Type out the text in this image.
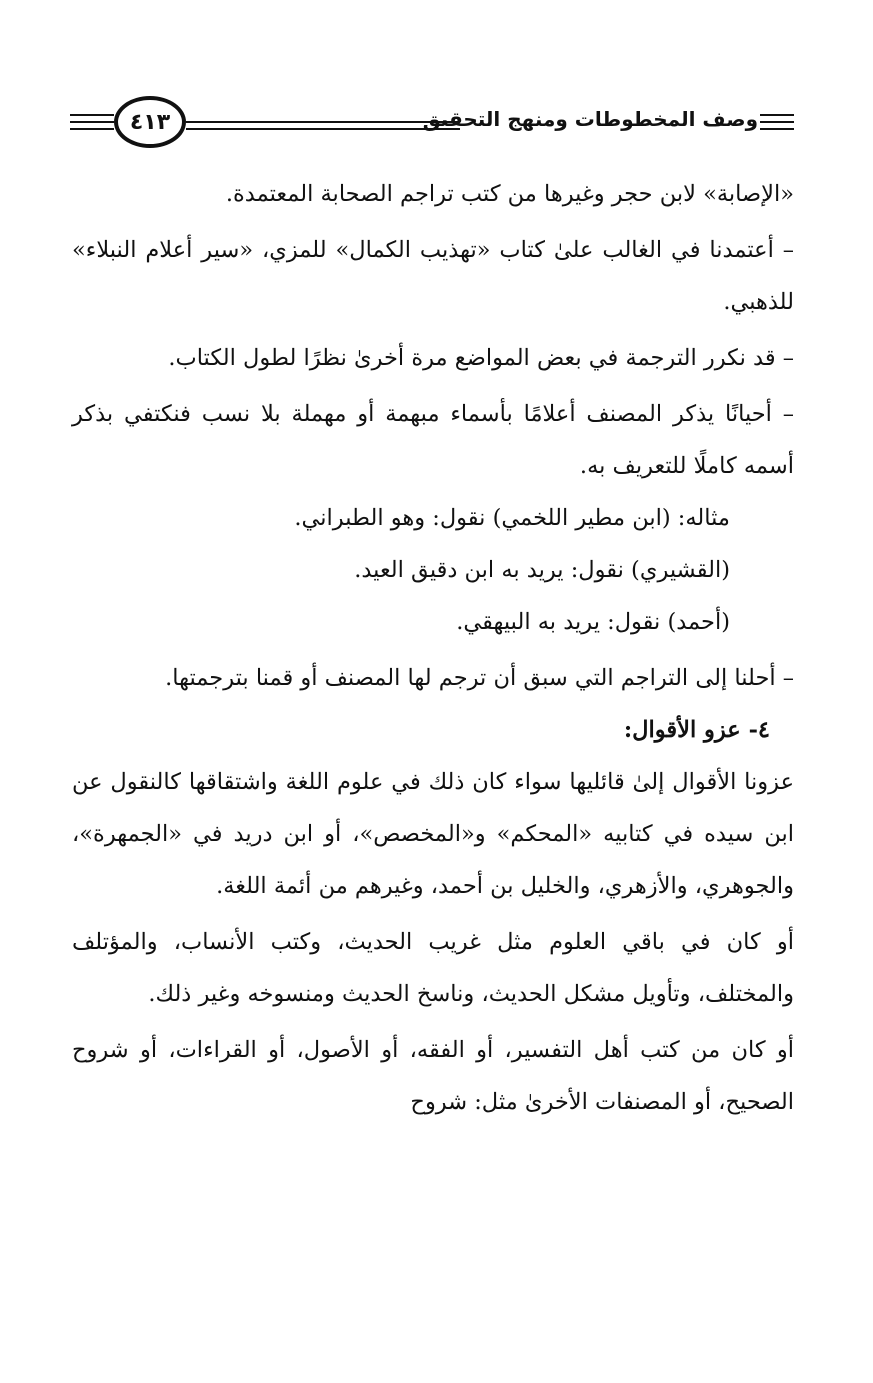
٤١٣	وصف المخطوطات ومنهج التحقيق

«الإصابة» لابن حجر وغيرها من كتب تراجم الصحابة المعتمدة.

– أعتمدنا في الغالب علىٰ كتاب «تهذيب الكمال» للمزي، «سير أعلام النبلاء» للذهبي.

– قد نكرر الترجمة في بعض المواضع مرة أخرىٰ نظرًا لطول الكتاب.

– أحيانًا يذكر المصنف أعلامًا بأسماء مبهمة أو مهملة بلا نسب فنكتفي بذكر أسمه كاملًا للتعريف به.

مثاله: (ابن مطير اللخمي) نقول: وهو الطبراني.

(القشيري) نقول: يريد به ابن دقيق العيد.

(أحمد) نقول: يريد به البيهقي.

– أحلنا إلى التراجم التي سبق أن ترجم لها المصنف أو قمنا بترجمتها.

٤- عزو الأقوال:

عزونا الأقوال إلىٰ قائليها سواء كان ذلك في علوم اللغة واشتقاقها كالنقول عن ابن سيده في كتابيه «المحكم» و«المخصص»، أو ابن دريد في «الجمهرة»، والجوهري، والأزهري، والخليل بن أحمد، وغيرهم من أئمة اللغة.

أو كان في باقي العلوم مثل غريب الحديث، وكتب الأنساب، والمؤتلف والمختلف، وتأويل مشكل الحديث، وناسخ الحديث ومنسوخه وغير ذلك.

أو كان من كتب أهل التفسير، أو الفقه، أو الأصول، أو القراءات، أو شروح الصحيح، أو المصنفات الأخرىٰ مثل: شروح
